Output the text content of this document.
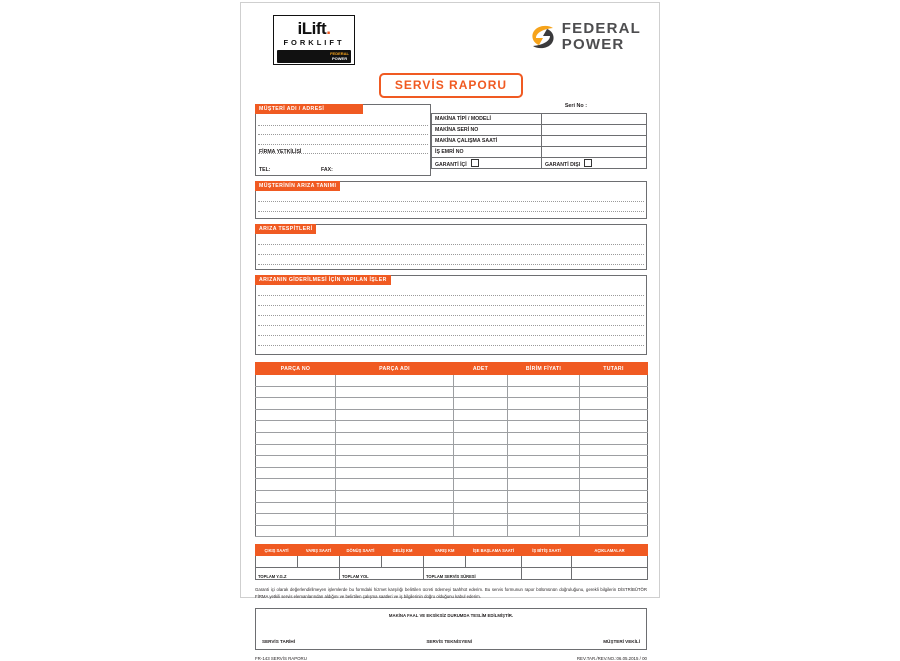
iLift.
FORKLIFT
FEDERAL
POWER
FEDERAL
POWER
SERVİS RAPORU
MÜŞTERİ ADI / ADRESİ
FİRMA YETKİLİSİ
TEL:	FAX:
Seri No :
MAKİNA TİPİ / MODELİ	
MAKİNA SERİ NO	
MAKİNA ÇALIŞMA SAATİ	
İŞ EMRİ NO	
GARANTİ İÇİ	GARANTİ DIŞI
MÜŞTERİNİN ARIZA TANIMI
ARIZA TESPİTLERİ
ARIZANIN GİDERİLMESİ İÇİN YAPILAN İŞLER
PARÇA NO	PARÇA ADI	ADET	BİRİM FİYATI	TUTARI

ÇIKIŞ SAATİ	VARIŞ SAATİ	DÖNÜŞ SAATİ	GELİŞ KM	VARIŞ KM	İŞE BAŞLAMA SAATİ	İŞ BİTİŞ SAATİ	AÇIKLAMALAR

TOPLAM Y.G.Z		TOPLAM YOL		TOPLAM SERVİS SÜRESİ			
Garanti içi olarak değerlendirilmeyen işlemlerde bu formdaki hizmet karşılığı belirtilen ücreti ödemeyi taahhüt ederim. Bu servis formunun rapor bölümünün doğruluğunu, gerekli bilgilerin DİSTRİBÜTÖR FİRMA yetkili servis elemanlarından aldığını ve belirtilen çalışma saatleri ve iş bilgilerinin doğru olduğunu kabul ederim.
MAKİNA FAAL VE EKSİKSİZ DURUMDA TESLİM EDİLMİŞTİR.
SERVİS TARİHİ	SERVİS TEKNİSYENİ	MÜŞTERİ VEKİLİ
FR-143 SERVİS RAPORU	REV.TAR./REV.NO.:06.05.2015 / 00
